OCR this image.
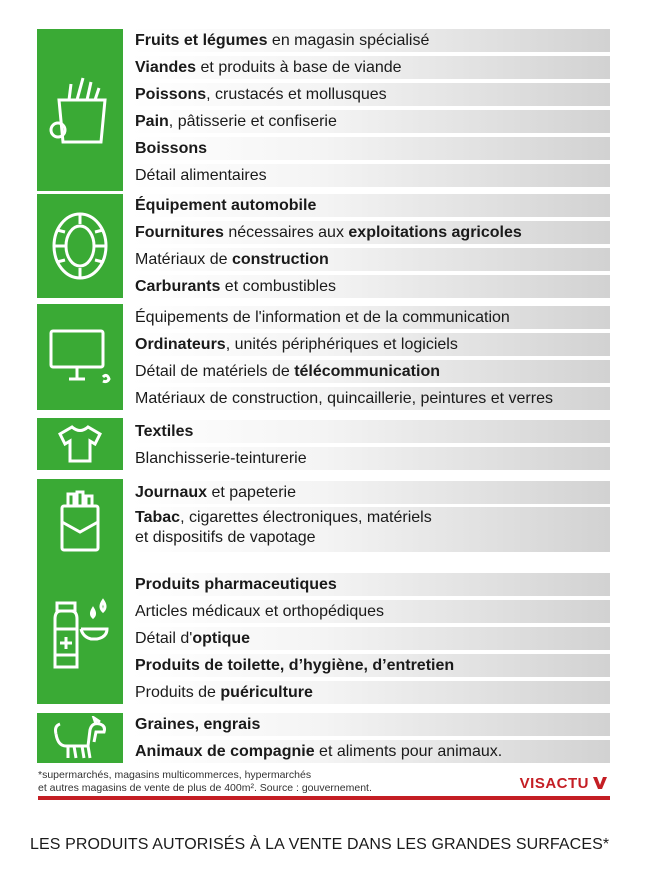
Fruits et légumes en magasin spécialisé
Viandes et produits à base de viande
Poissons, crustacés et mollusques
Pain, pâtisserie et confiserie
Boissons
Détail alimentaires
Équipement automobile
Fournitures nécessaires aux exploitations agricoles
Matériaux de construction
Carburants et combustibles
Équipements de l'information et de la communication
Ordinateurs, unités périphériques et logiciels
Détail de matériels de télécommunication
Matériaux de construction, quincaillerie, peintures et verres
Textiles
Blanchisserie-teinturerie
Journaux et papeterie
Tabac, cigarettes électroniques, matériels
et dispositifs de vapotage
Produits pharmaceutiques
Articles médicaux et orthopédiques
Détail d'optique
Produits de toilette, d’hygiène, d’entretien
Produits de puériculture
Graines, engrais
Animaux de compagnie et aliments pour animaux.
*supermarchés, magasins multicommerces, hypermarchés
et autres magasins de vente de plus de 400m². Source : gouvernement.	VISACTU
LES PRODUITS AUTORISÉS À LA VENTE DANS LES GRANDES SURFACES*
